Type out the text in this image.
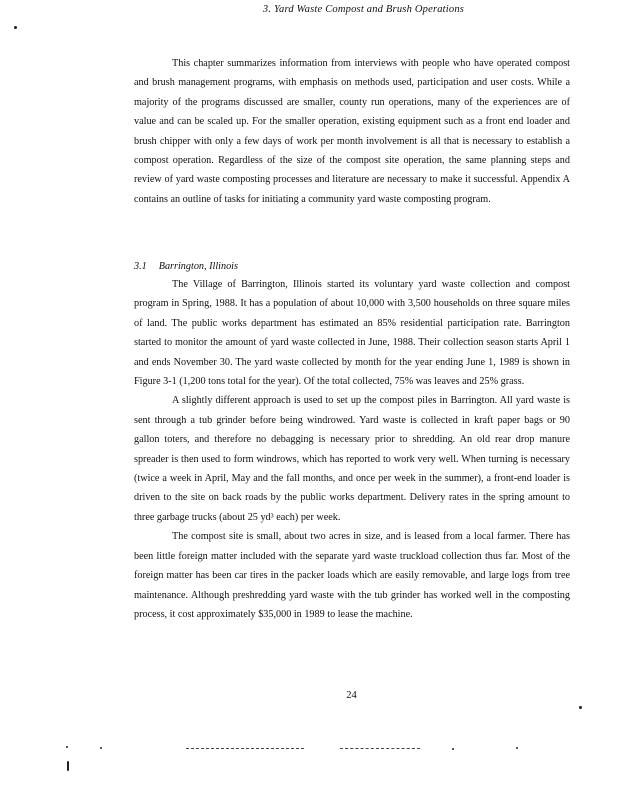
3. Yard Waste Compost and Brush Operations

This chapter summarizes information from interviews with people who have operated compost and brush management programs, with emphasis on methods used, participation and user costs. While a majority of the programs discussed are smaller, county run operations, many of the experiences are of value and can be scaled up. For the smaller operation, existing equipment such as a front end loader and brush chipper with only a few days of work per month involvement is all that is necessary to establish a compost operation. Regardless of the size of the compost site operation, the same planning steps and review of yard waste composting processes and literature are necessary to make it successful. Appendix A contains an outline of tasks for initiating a community yard waste composting program.

3.1 Barrington, Illinois

The Village of Barrington, Illinois started its voluntary yard waste collection and compost program in Spring, 1988. It has a population of about 10,000 with 3,500 households on three square miles of land. The public works department has estimated an 85% residential participation rate. Barrington started to monitor the amount of yard waste collected in June, 1988. Their collection season starts April 1 and ends November 30. The yard waste collected by month for the year ending June 1, 1989 is shown in Figure 3-1 (1,200 tons total for the year). Of the total collected, 75% was leaves and 25% grass.

A slightly different approach is used to set up the compost piles in Barrington. All yard waste is sent through a tub grinder before being windrowed. Yard waste is collected in kraft paper bags or 90 gallon toters, and therefore no debagging is necessary prior to shredding. An old rear drop manure spreader is then used to form windrows, which has reported to work very well. When turning is necessary (twice a week in April, May and the fall months, and once per week in the summer), a front-end loader is driven to the site on back roads by the public works department. Delivery rates in the spring amount to three garbage trucks (about 25 yd³ each) per week.

The compost site is small, about two acres in size, and is leased from a local farmer. There has been little foreign matter included with the separate yard waste truckload collection thus far. Most of the foreign matter has been car tires in the packer loads which are easily removable, and large logs from tree maintenance. Although preshredding yard waste with the tub grinder has worked well in the composting process, it cost approximately $35,000 in 1989 to lease the machine.

24
